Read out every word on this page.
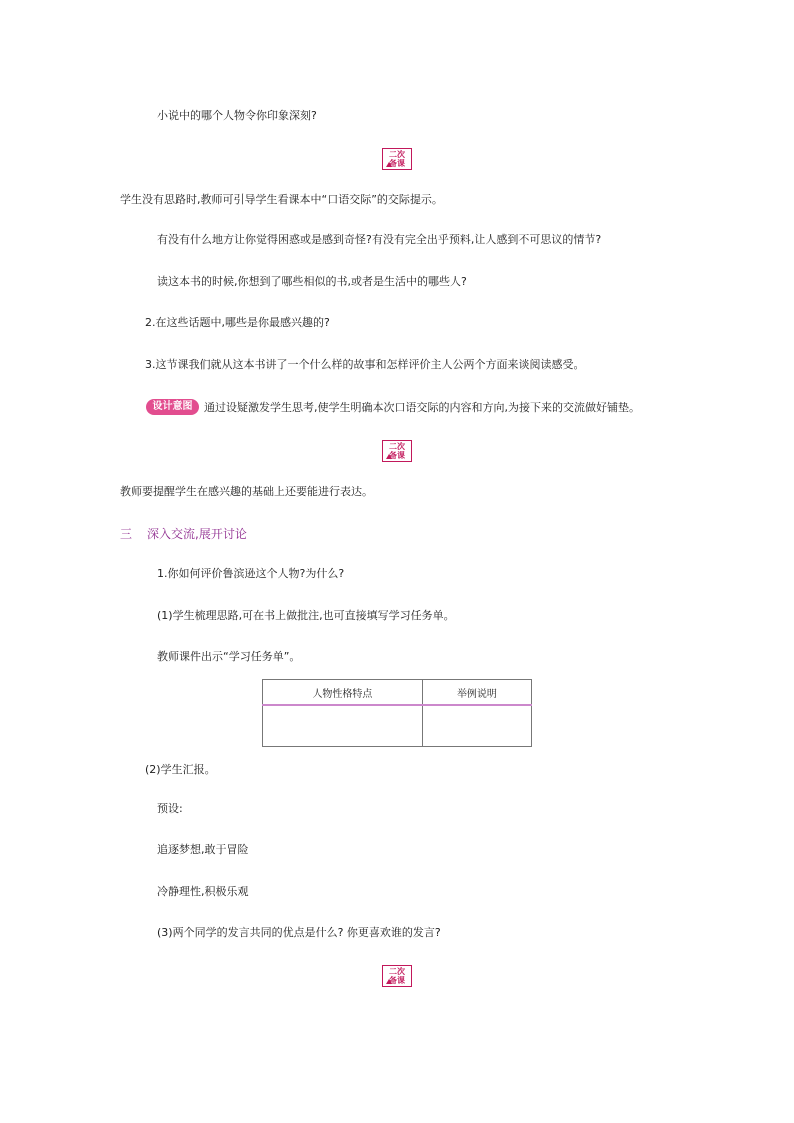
小说中的哪个人物令你印象深刻?

二次
备课

学生没有思路时,教师可引导学生看课本中“口语交际”的交际提示。

有没有什么地方让你觉得困惑或是感到奇怪?有没有完全出乎预料,让人感到不可思议的情节?

读这本书的时候,你想到了哪些相似的书,或者是生活中的哪些人?

2.在这些话题中,哪些是你最感兴趣的?

3.这节课我们就从这本书讲了一个什么样的故事和怎样评价主人公两个方面来谈阅读感受。

设计意图	通过设疑激发学生思考,使学生明确本次口语交际的内容和方向,为接下来的交流做好铺垫。

二次
备课

教师要提醒学生在感兴趣的基础上还要能进行表达。

三 深入交流,展开讨论

1.你如何评价鲁滨逊这个人物?为什么?

(1)学生梳理思路,可在书上做批注,也可直接填写学习任务单。

教师课件出示“学习任务单”。

人物性格特点	举例说明

(2)学生汇报。

预设:

追逐梦想,敢于冒险

冷静理性,积极乐观

(3)两个同学的发言共同的优点是什么? 你更喜欢谁的发言?

二次
备课
